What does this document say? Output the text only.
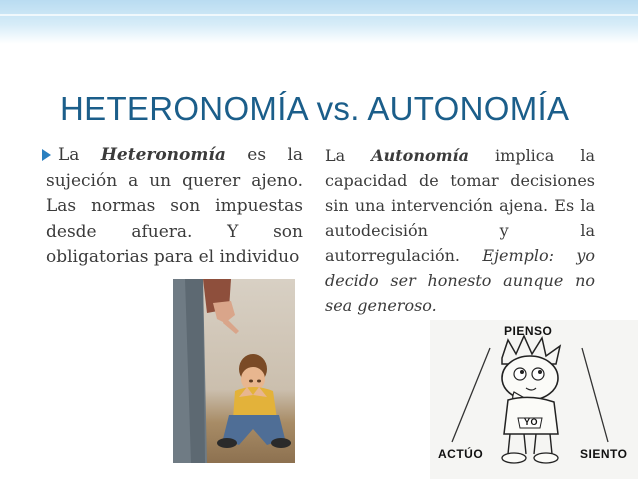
HETERONOMÍA vs. AUTONOMÍA

La Heteronomía es la sujeción a un querer ajeno. Las normas son impuestas desde afuera. Y son obligatorias para el individuo

La Autonomía implica la capacidad de tomar decisiones sin una intervención ajena. Es la autodecisión y la autorregulación. Ejemplo: yo decido ser honesto aunque no sea generoso.

PIENSO
ACTÚO	SIENTO
YO
